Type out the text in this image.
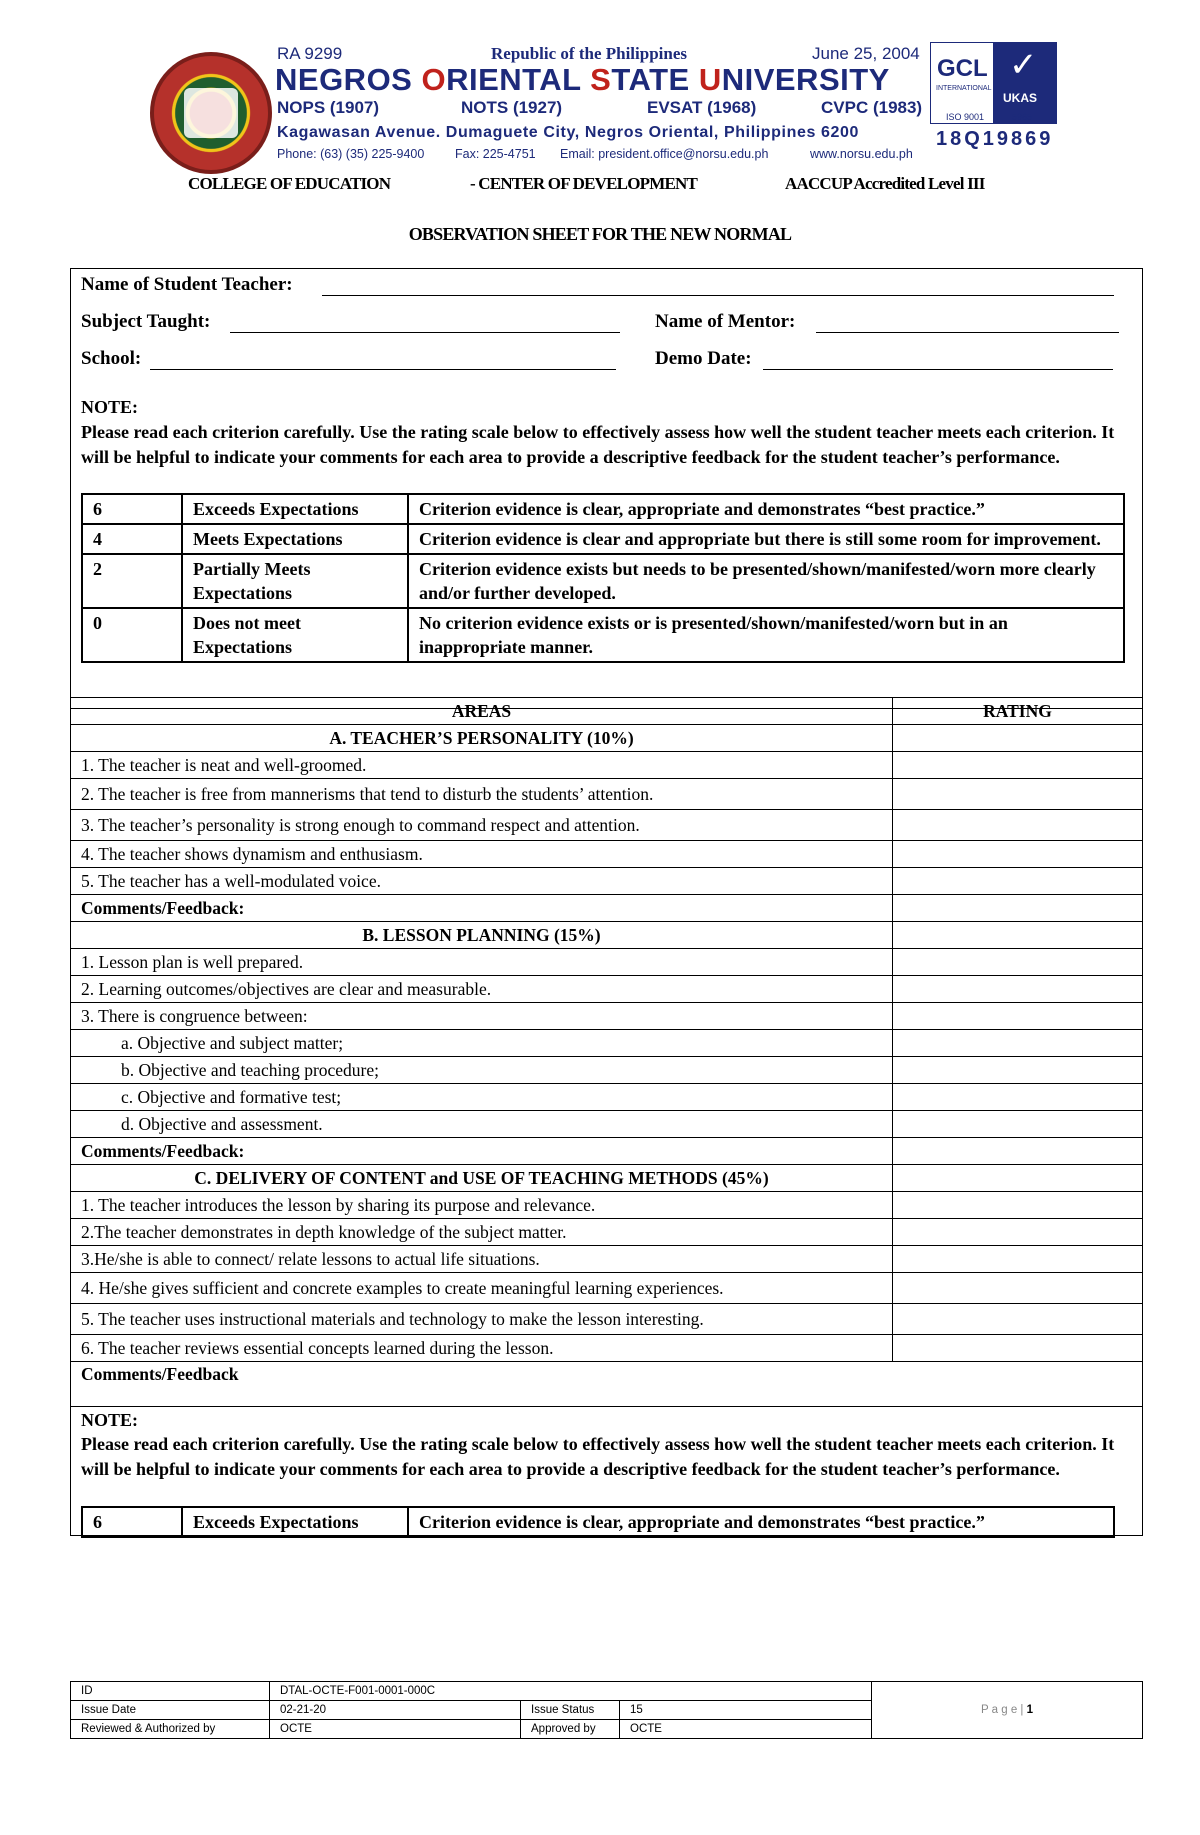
RA 9299	Republic of the Philippines	June 25, 2004
NEGROS ORIENTAL STATE UNIVERSITY
NOPS (1907)	NOTS (1927)	EVSAT (1968)	CVPC (1983)
Kagawasan Avenue. Dumaguete City, Negros Oriental, Philippines 6200
Phone: (63) (35) 225-9400 Fax: 225-4751 Email: president.office@norsu.edu.ph	www.norsu.edu.ph
GCL
INTERNATIONAL
✓
UKAS
ISO 9001	5965
18Q19869
COLLEGE OF EDUCATION	- CENTER OF DEVELOPMENT	AACCUP Accredited Level III
OBSERVATION SHEET FOR THE NEW NORMAL
Name of Student Teacher:
Subject Taught:	Name of Mentor:
School:	Demo Date:
NOTE:
Please read each criterion carefully. Use the rating scale below to effectively assess how well the student teacher meets each criterion. It will be helpful to indicate your comments for each area to provide a descriptive feedback for the student teacher’s performance.
6	Exceeds Expectations	Criterion evidence is clear, appropriate and demonstrates “best practice.”
4	Meets Expectations	Criterion evidence is clear and appropriate but there is still some room for improvement.
2	Partially Meets Expectations	Criterion evidence exists but needs to be presented/shown/manifested/worn more clearly and/or further developed.
0	Does not meet Expectations	No criterion evidence exists or is presented/shown/manifested/worn but in an inappropriate manner.
AREAS	RATING
A. TEACHER’S PERSONALITY (10%)	
1. The teacher is neat and well-groomed.	
2. The teacher is free from mannerisms that tend to disturb the students’ attention.	
3. The teacher’s personality is strong enough to command respect and attention.	
4. The teacher shows dynamism and enthusiasm.	
5. The teacher has a well-modulated voice.	
Comments/Feedback:	
B. LESSON PLANNING (15%)	
1. Lesson plan is well prepared.	
2. Learning outcomes/objectives are clear and measurable.	
3. There is congruence between:	
a. Objective and subject matter;	
b. Objective and teaching procedure;	
c. Objective and formative test;	
d. Objective and assessment.	
Comments/Feedback:	
C. DELIVERY OF CONTENT and USE OF TEACHING METHODS (45%)	
1. The teacher introduces the lesson by sharing its purpose and relevance.	
2.The teacher demonstrates in depth knowledge of the subject matter.	
3.He/she is able to connect/ relate lessons to actual life situations.	
4. He/she gives sufficient and concrete examples to create meaningful learning experiences.	
5. The teacher uses instructional materials and technology to make the lesson interesting.	
6. The teacher reviews essential concepts learned during the lesson.	
Comments/Feedback	
NOTE:
Please read each criterion carefully. Use the rating scale below to effectively assess how well the student teacher meets each criterion. It will be helpful to indicate your comments for each area to provide a descriptive feedback for the student teacher’s performance.
6	Exceeds Expectations	Criterion evidence is clear, appropriate and demonstrates “best practice.”
ID	DTAL-OCTE-F001-0001-000C			P a g e | 1
Issue Date	02-21-20	Issue Status	15	
Reviewed & Authorized by	OCTE	Approved by	OCTE	
